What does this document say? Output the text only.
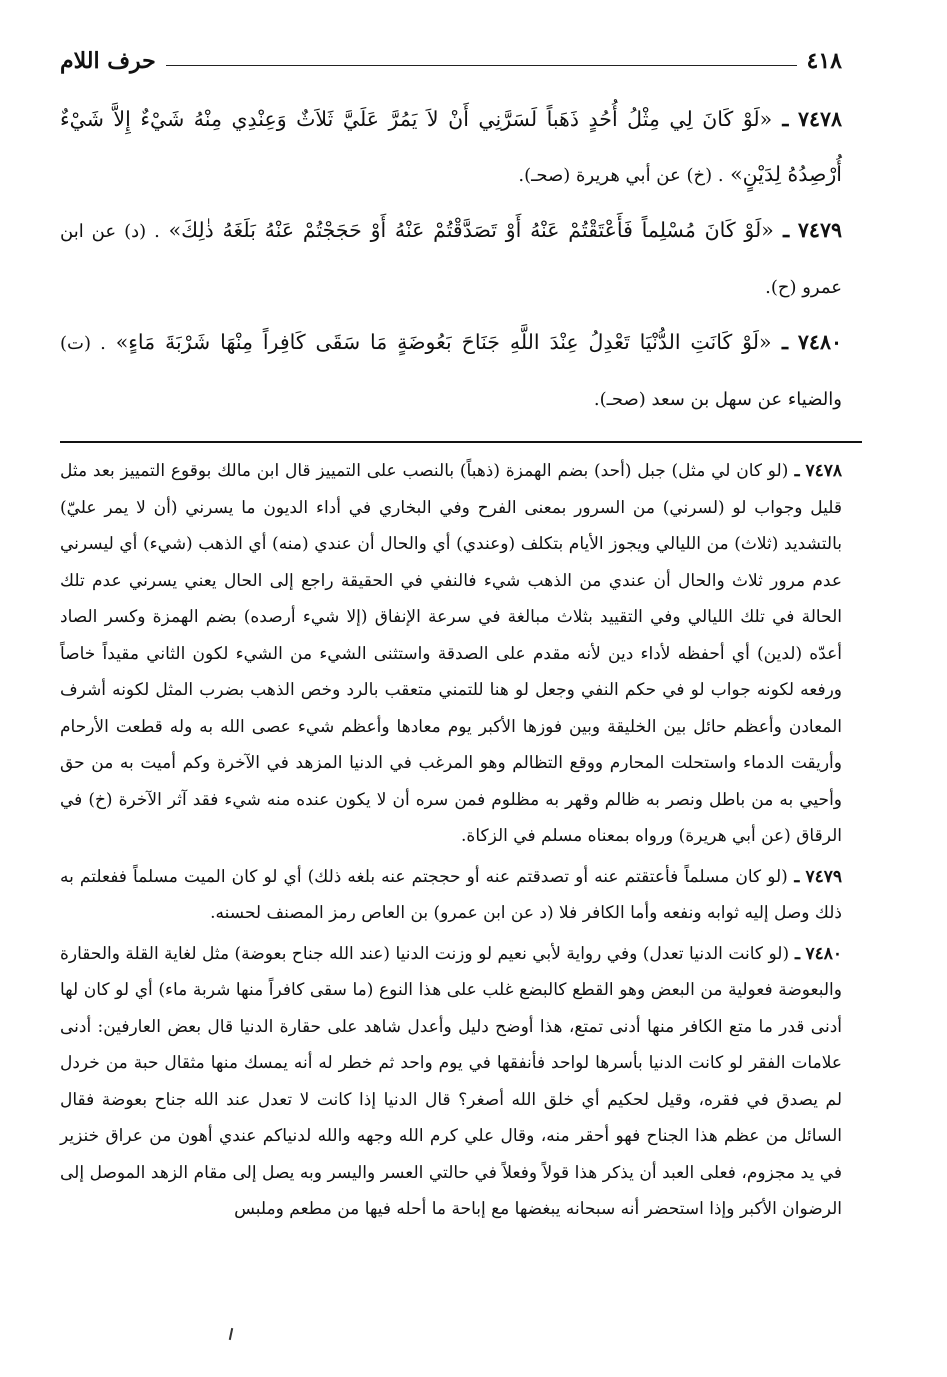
٤١٨
حرف اللام

٧٤٧٨ ـ «لَوْ كَانَ لِي مِثْلُ أُحُدٍ ذَهَباً لَسَرَّنِي أَنْ لاَ يَمُرَّ عَلَيَّ ثَلاَثٌ وَعِنْدِي مِنْهُ شَيْءٌ إِلاَّ شَيْءٌ أُرْصِدُهُ لِدَيْنٍ» . (خ) عن أبي هريرة (صحـ).

٧٤٧٩ ـ «لَوْ كَانَ مُسْلِماً فَأَعْتَقْتُمْ عَنْهُ أَوْ تَصَدَّقْتُمْ عَنْهُ أَوْ حَجَجْتُمْ عَنْهُ بَلَغَهُ ذٰلِكَ» . (د) عن ابن عمرو (ح).

٧٤٨٠ ـ «لَوْ كَانَتِ الدُّنْيَا تَعْدِلُ عِنْدَ اللَّهِ جَنَاحَ بَعُوضَةٍ مَا سَقَى كَافِراً مِنْهَا شَرْبَةَ مَاءٍ» . (ت) والضياء عن سهل بن سعد (صحـ).

٧٤٧٨ ـ (لو كان لي مثل) جبل (أحد) بضم الهمزة (ذهباً) بالنصب على التمييز قال ابن مالك بوقوع التمييز بعد مثل قليل وجواب لو (لسرني) من السرور بمعنى الفرح وفي البخاري في أداء الديون ما يسرني (أن لا يمر عليّ) بالتشديد (ثلاث) من الليالي ويجوز الأيام بتكلف (وعندي) أي والحال أن عندي (منه) أي الذهب (شيء) أي ليسرني عدم مرور ثلاث والحال أن عندي من الذهب شيء فالنفي في الحقيقة راجع إلى الحال يعني يسرني عدم تلك الحالة في تلك الليالي وفي التقييد بثلاث مبالغة في سرعة الإنفاق (إلا شيء أرصده) بضم الهمزة وكسر الصاد أعدّه (لدين) أي أحفظه لأداء دين لأنه مقدم على الصدقة واستثنى الشيء من الشيء لكون الثاني مقيداً خاصاً ورفعه لكونه جواب لو في حكم النفي وجعل لو هنا للتمني متعقب بالرد وخص الذهب بضرب المثل لكونه أشرف المعادن وأعظم حائل بين الخليقة وبين فوزها الأكبر يوم معادها وأعظم شيء عصى الله به وله قطعت الأرحام وأريقت الدماء واستحلت المحارم ووقع التظالم وهو المرغب في الدنيا المزهد في الآخرة وكم أميت به من حق وأحيي به من باطل ونصر به ظالم وقهر به مظلوم فمن سره أن لا يكون عنده منه شيء فقد آثر الآخرة (خ) في الرقاق (عن أبي هريرة) ورواه بمعناه مسلم في الزكاة.

٧٤٧٩ ـ (لو كان مسلماً فأعتقتم عنه أو تصدقتم عنه أو حججتم عنه بلغه ذلك) أي لو كان الميت مسلماً ففعلتم به ذلك وصل إليه ثوابه ونفعه وأما الكافر فلا (د عن ابن عمرو) بن العاص رمز المصنف لحسنه.

٧٤٨٠ ـ (لو كانت الدنيا تعدل) وفي رواية لأبي نعيم لو وزنت الدنيا (عند الله جناح بعوضة) مثل لغاية القلة والحقارة والبعوضة فعولية من البعض وهو القطع كالبضع غلب على هذا النوع (ما سقى كافراً منها شربة ماء) أي لو كان لها أدنى قدر ما متع الكافر منها أدنى تمتع، هذا أوضح دليل وأعدل شاهد على حقارة الدنيا قال بعض العارفين: أدنى علامات الفقر لو كانت الدنيا بأسرها لواحد فأنفقها في يوم واحد ثم خطر له أنه يمسك منها مثقال حبة من خردل لم يصدق في فقره، وقيل لحكيم أي خلق الله أصغر؟ قال الدنيا إذا كانت لا تعدل عند الله جناح بعوضة فقال السائل من عظم هذا الجناح فهو أحقر منه، وقال علي كرم الله وجهه والله لدنياكم عندي أهون من عراق خنزير في يد مجزوم، فعلى العبد أن يذكر هذا قولاً وفعلاً في حالتي العسر واليسر وبه يصل إلى مقام الزهد الموصل إلى الرضوان الأكبر وإذا استحضر أنه سبحانه يبغضها مع إباحة ما أحله فيها من مطعم وملبس
